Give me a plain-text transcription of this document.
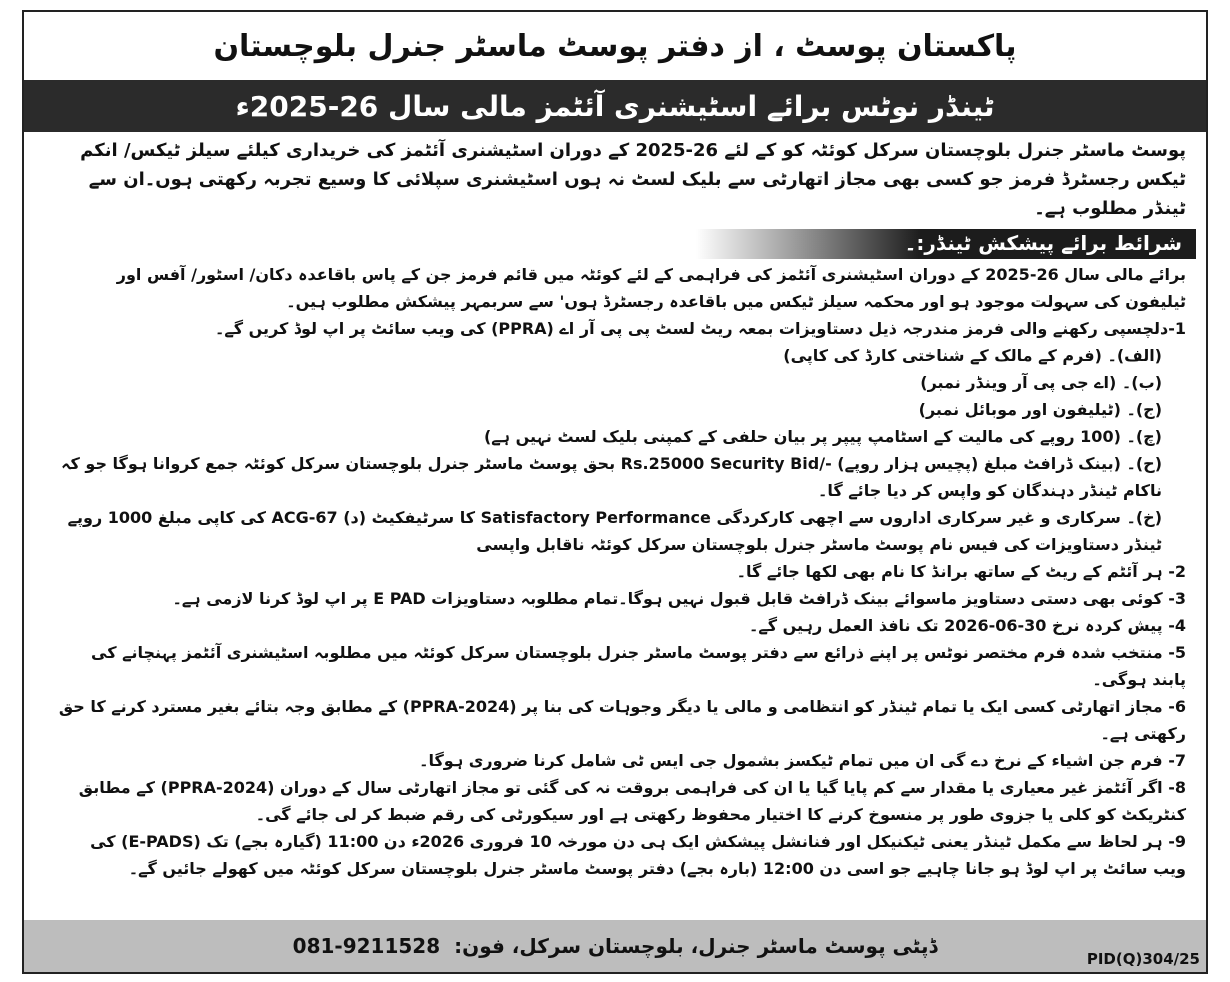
پاکستان پوسٹ ، از دفتر پوسٹ ماسٹر جنرل بلوچستان
ٹینڈر نوٹس برائے اسٹیشنری آئٹمز مالی سال 26-2025ء

پوسٹ ماسٹر جنرل بلوچستان سرکل کوئٹہ کو کے لئے 26-2025 کے دوران اسٹیشنری آئٹمز کی خریداری کیلئے سیلز ٹیکس/ انکم ٹیکس رجسٹرڈ فرمز جو کسی بھی مجاز اتھارٹی سے بلیک لسٹ نہ ہوں اسٹیشنری سپلائی کا وسیع تجربہ رکھتی ہوں۔ان سے ٹینڈر مطلوب ہے۔

شرائط برائے پیشکش ٹینڈر:۔

برائے مالی سال 26-2025 کے دوران اسٹیشنری آئٹمز کی فراہمی کے لئے کوئٹہ میں قائم فرمز جن کے پاس باقاعدہ دکان/ اسٹور/ آفس اور ٹیلیفون کی سہولت موجود ہو اور محکمہ سیلز ٹیکس میں باقاعدہ رجسٹرڈ ہوں' سے سربمہر پیشکش مطلوب ہیں۔

1-دلچسپی رکھنے والی فرمز مندرجہ ذیل دستاویزات بمعہ ریٹ لسٹ پی پی آر اے (PPRA) کی ویب سائٹ پر اپ لوڈ کریں گے۔

(الف)۔ (فرم کے مالک کے شناختی کارڈ کی کاپی)

(ب)۔ (اے جی پی آر وینڈر نمبر)

(ج)۔ (ٹیلیفون اور موبائل نمبر)

(چ)۔ (100 روپے کی مالیت کے اسٹامپ پیپر پر بیان حلفی کے کمپنی بلیک لسٹ نہیں ہے)

(ح)۔ (بینک ڈرافٹ مبلغ (پچیس ہزار روپے) -/Rs.25000 Security Bid بحق پوسٹ ماسٹر جنرل بلوچستان سرکل کوئٹہ جمع کروانا ہوگا جو کہ ناکام ٹینڈر دہندگان کو واپس کر دیا جائے گا۔

(خ)۔ سرکاری و غیر سرکاری اداروں سے اچھی کارکردگی Satisfactory Performance کا سرٹیفکیٹ (د) ACG-67 کی کاپی مبلغ 1000 روپے ٹینڈر دستاویزات کی فیس نام پوسٹ ماسٹر جنرل بلوچستان سرکل کوئٹہ ناقابل واپسی

2- ہر آئٹم کے ریٹ کے ساتھ برانڈ کا نام بھی لکھا جائے گا۔

3- کوئی بھی دستی دستاویز ماسوائے بینک ڈرافٹ قابل قبول نہیں ہوگا۔تمام مطلوبہ دستاویزات E PAD پر اپ لوڈ کرنا لازمی ہے۔

4- پیش کردہ نرخ 30-06-2026 تک نافذ العمل رہیں گے۔

5- منتخب شدہ فرم مختصر نوٹس پر اپنے ذرائع سے دفتر پوسٹ ماسٹر جنرل بلوچستان سرکل کوئٹہ میں مطلوبہ اسٹیشنری آئٹمز پہنچانے کی پابند ہوگی۔

6- مجاز اتھارٹی کسی ایک یا تمام ٹینڈر کو انتظامی و مالی یا دیگر وجوہات کی بنا پر (PPRA-2024) کے مطابق وجہ بتائے بغیر مسترد کرنے کا حق رکھتی ہے۔

7- فرم جن اشیاء کے نرخ دے گی ان میں تمام ٹیکسز بشمول جی ایس ٹی شامل کرنا ضروری ہوگا۔

8- اگر آئٹمز غیر معیاری یا مقدار سے کم پایا گیا یا ان کی فراہمی بروقت نہ کی گئی تو مجاز اتھارٹی سال کے دوران (PPRA-2024) کے مطابق کنٹریکٹ کو کلی یا جزوی طور پر منسوخ کرنے کا اختیار محفوظ رکھتی ہے اور سیکورٹی کی رقم ضبط کر لی جائے گی۔

9- ہر لحاظ سے مکمل ٹینڈر یعنی ٹیکنیکل اور فنانشل پیشکش ایک ہی دن مورخہ 10 فروری 2026ء دن 11:00 (گیارہ بجے) تک (E-PADS) کی ویب سائٹ پر اپ لوڈ ہو جانا چاہیے جو اسی دن 12:00 (بارہ بجے) دفتر پوسٹ ماسٹر جنرل بلوچستان سرکل کوئٹہ میں کھولے جائیں گے۔

ڈپٹی پوسٹ ماسٹر جنرل، بلوچستان سرکل، فون:
081-9211528
PID(Q)304/25
